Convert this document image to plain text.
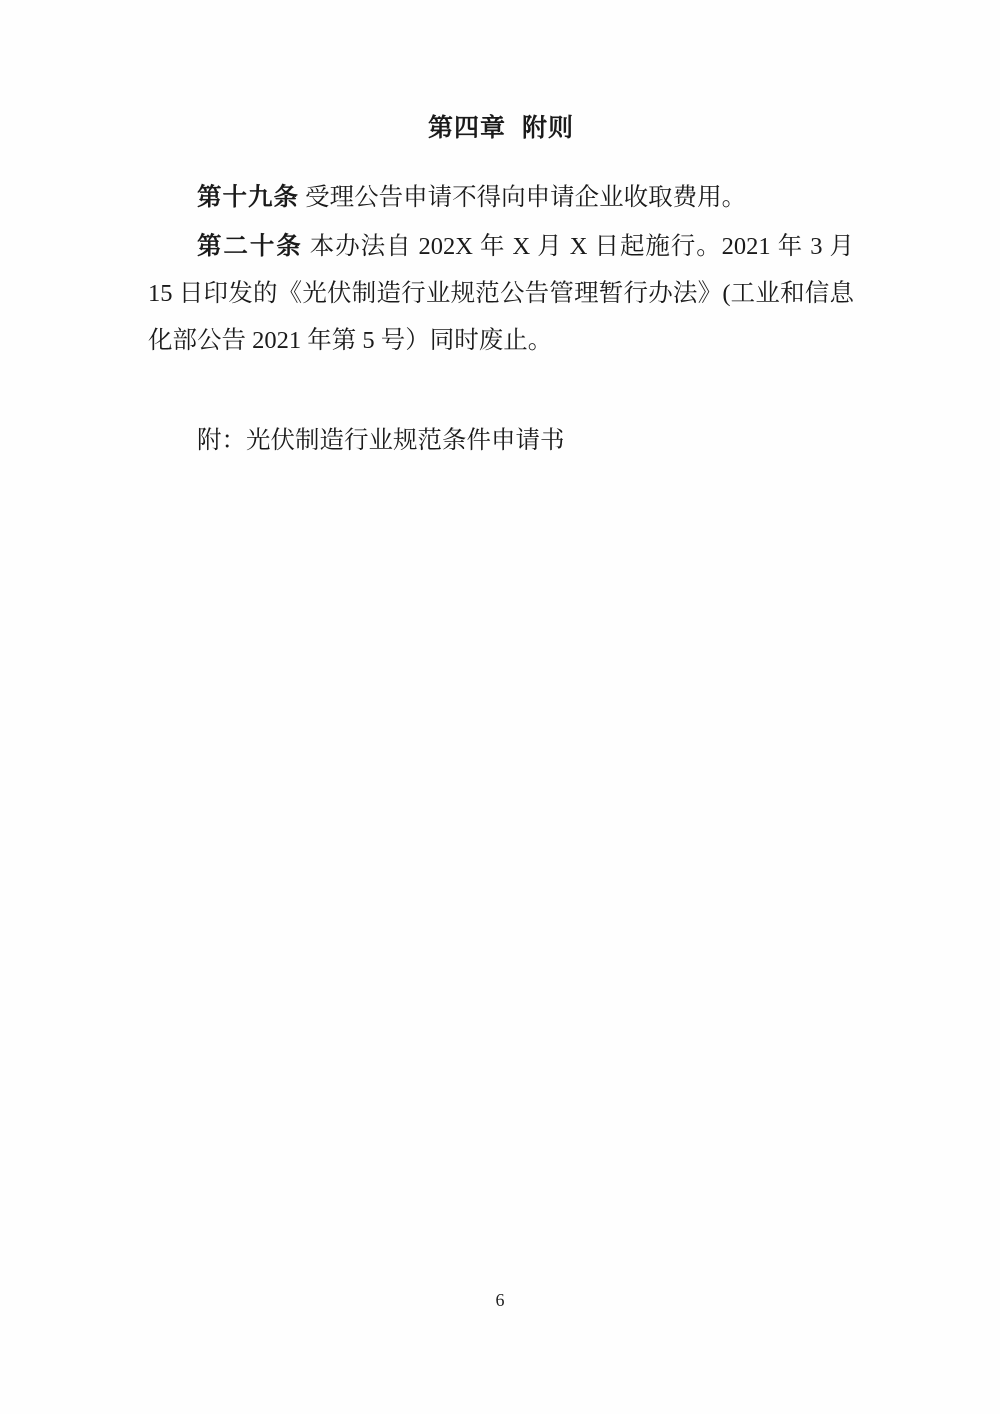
第四章 附则

第十九条 受理公告申请不得向申请企业收取费用。

第二十条 本办法自 202X 年 X 月 X 日起施行。2021 年 3 月 15 日印发的《光伏制造行业规范公告管理暂行办法》(工业和信息化部公告 2021 年第 5 号）同时废止。

附：光伏制造行业规范条件申请书

6
